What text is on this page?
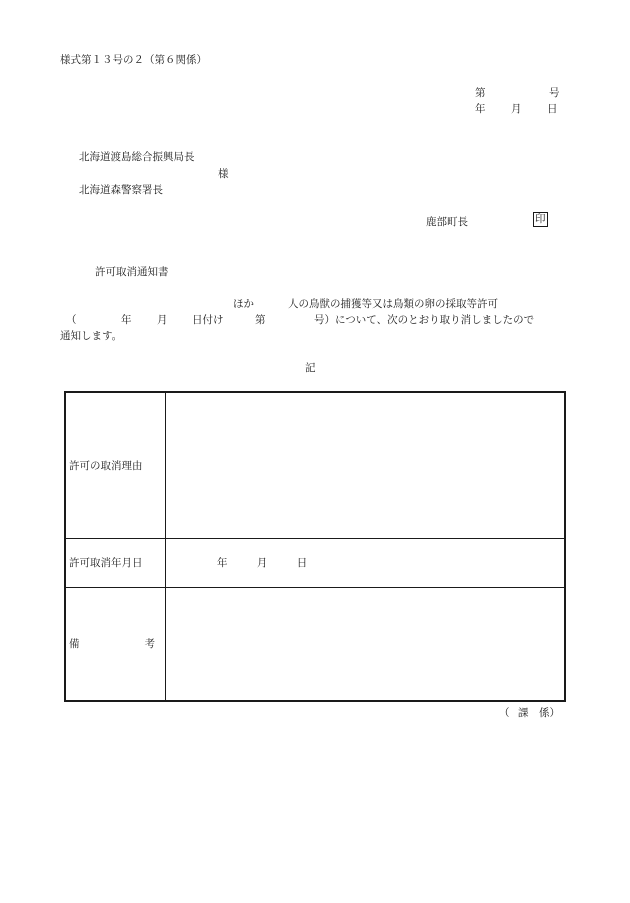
様式第１３号の２（第６関係）
第	号
年 月 日
北海道渡島総合振興局長
様
北海道森警察署長
鹿部町長	印
許可取消通知書
ほか	人の鳥獣の捕獲等又は鳥類の卵の採取等許可
（	年 月 日付け	第	号）について、次のとおり取り消しましたので
通知します。
記
許可の取消理由	
許可取消年月日	年 月 日

備 考	

（ 課 係）
